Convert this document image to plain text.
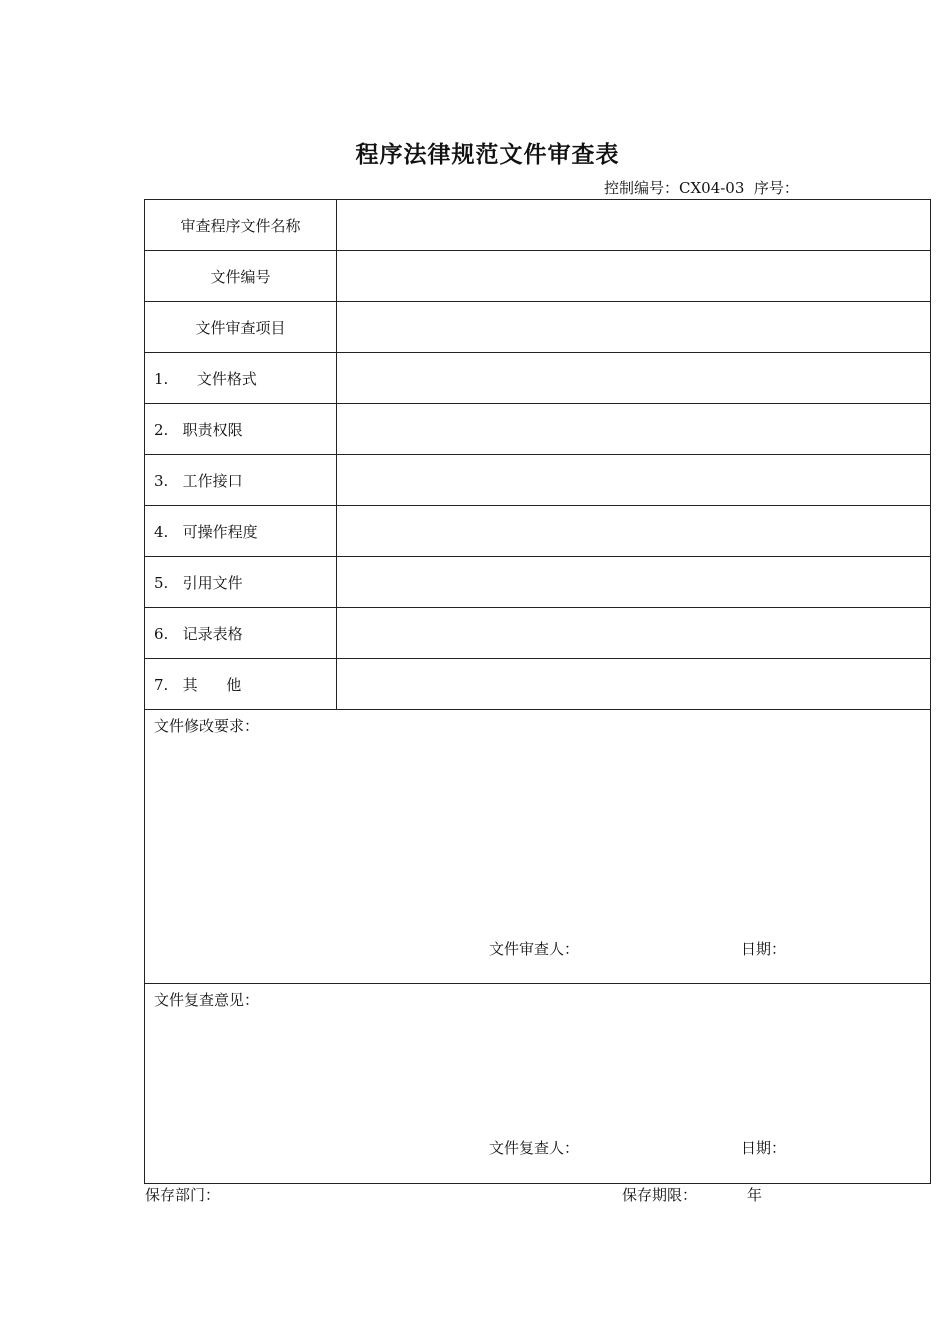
程序法律规范文件审查表
控制编号：CX04-03  序号：
审查程序文件名称	
文件编号	
文件审查项目	
1.      文件格式	
2.   职责权限	
3.   工作接口	
4.   可操作程度	
5.   引用文件	
6.   记录表格	
7.   其      他	

文件修改要求：
文件审查人： 日期：	

文件复查意见：
文件复查人： 日期：	
保存部门：	保存期限：	年
